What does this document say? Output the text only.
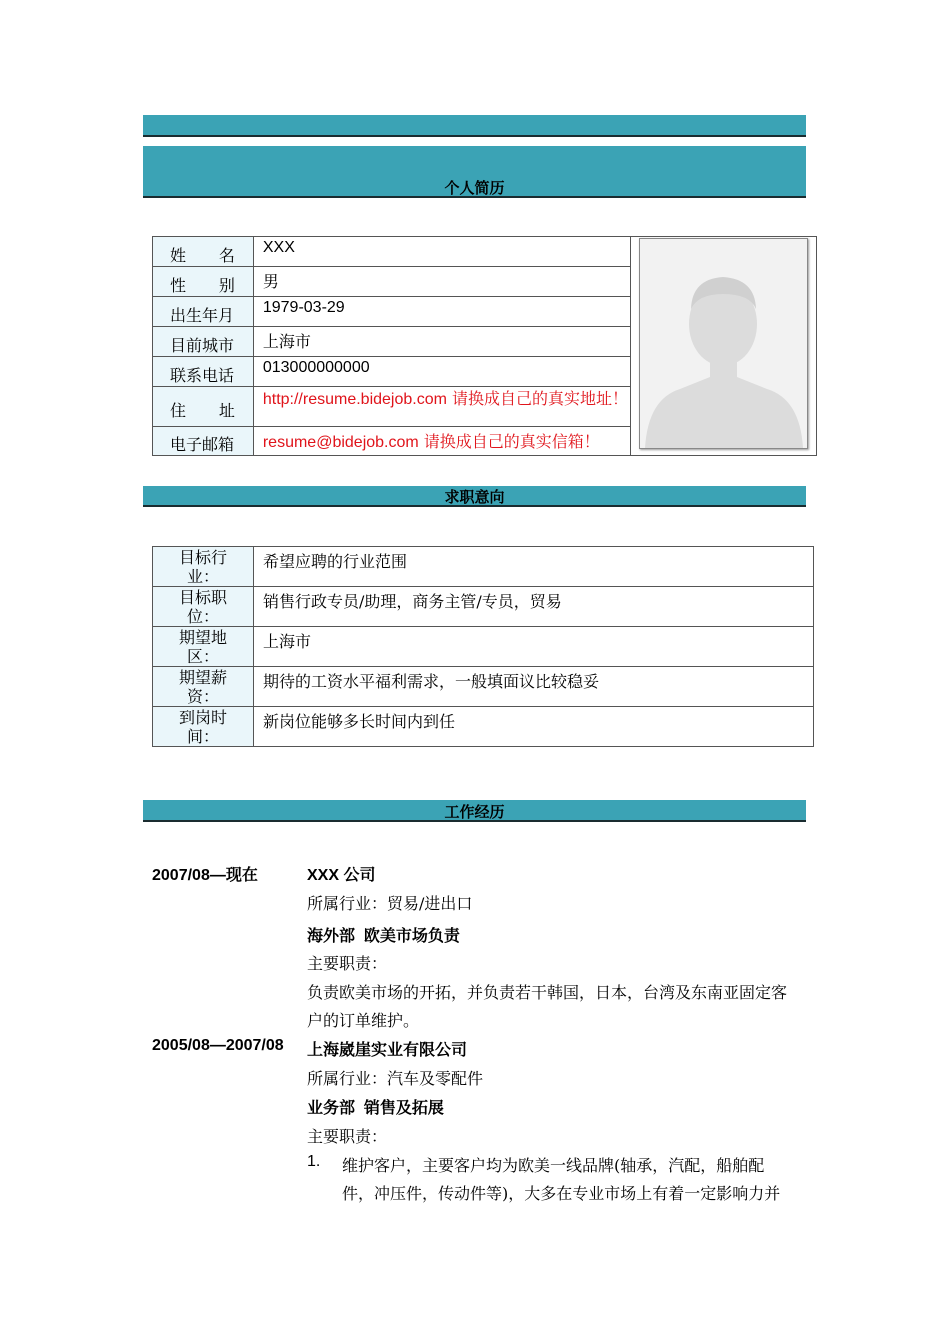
个人简历
姓 名	XXX	

性 别	男	

出生年月	1979-03-29	

目前城市	上海市	

联系电话	013000000000	

住 址	http://resume.bidejob.com 请换成自己的真实地址！	

电子邮箱	resume@bidejob.com 请换成自己的真实信箱！	
求职意向
目标行
业：	希望应聘的行业范围

目标职
位：	销售行政专员/助理，商务主管/专员，贸易

期望地
区：	上海市

期望薪
资：	期待的工资水平福利需求，一般填面议比较稳妥

到岗时
间：	新岗位能够多长时间内到任
工作经历
2007/08—现在	XXX 公司
所属行业：贸易/进出口
海外部  欧美市场负责
主要职责：
负责欧美市场的开拓，并负责若干韩国，日本，台湾及东南亚固定客
户的订单维护。
2005/08—2007/08 上海崴崖实业有限公司
所属行业：汽车及零配件
业务部  销售及拓展
主要职责：
1. 维护客户，主要客户均为欧美一线品牌(轴承，汽配，船舶配
件，冲压件，传动件等)，大多在专业市场上有着一定影响力并
